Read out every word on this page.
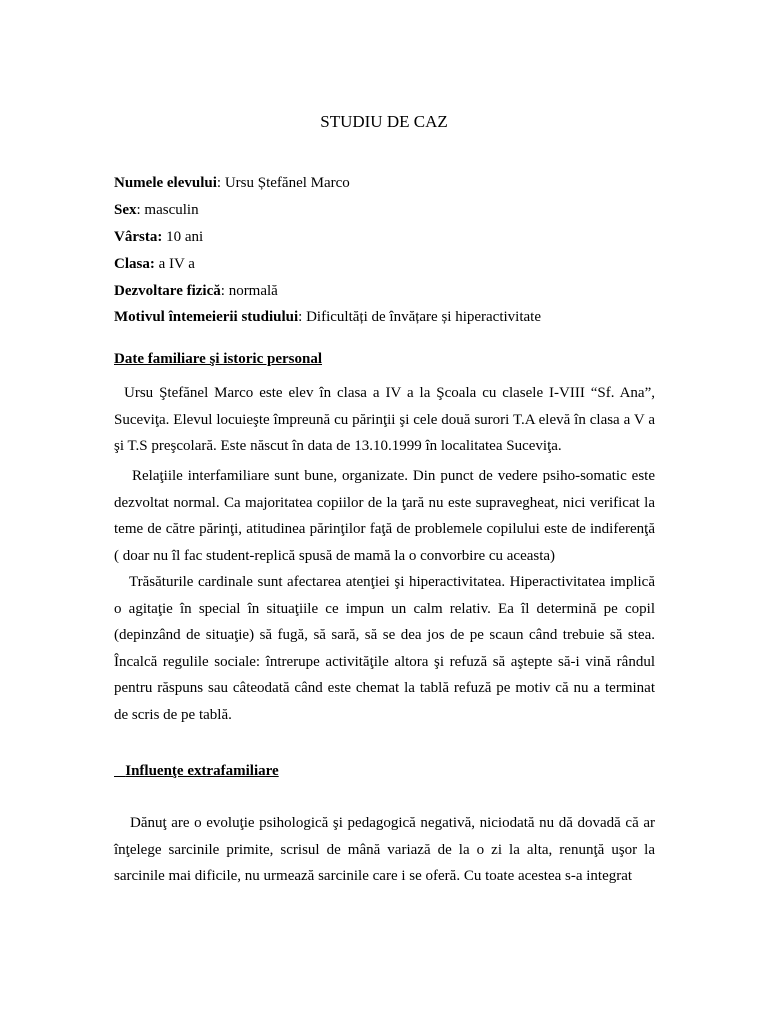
STUDIU DE CAZ
Numele elevului: Ursu Ștefănel Marco
Sex: masculin
Vârsta: 10 ani
Clasa: a IV a
Dezvoltare fizică: normală
Motivul întemeierii studiului: Dificultăți de învățare și hiperactivitate
Date familiare şi istoric personal
Ursu Ştefănel Marco este elev în clasa a IV a la Şcoala cu clasele I-VIII “Sf. Ana”, Suceviţa. Elevul locuieşte împreună cu părinţii şi cele două surori T.A elevă în clasa a V a şi T.S preşcolară. Este născut în data de 13.10.1999 în localitatea Suceviţa.
Relaţiile interfamiliare sunt bune, organizate. Din punct de vedere psiho-somatic este dezvoltat normal. Ca majoritatea copiilor de la ţară nu este supravegheat, nici verificat la teme de către părinţi, atitudinea părinţilor faţă de problemele copilului este de indiferenţă ( doar nu îl fac student-replică spusă de mamă la o convorbire cu aceasta)
Trăsăturile cardinale sunt afectarea atenţiei şi hiperactivitatea. Hiperactivitatea implică o agitaţie în special în situaţiile ce impun un calm relativ. Ea îl determină pe copil (depinzând de situaţie) să fugă, să sară, să se dea jos de pe scaun când trebuie să stea. Încalcă regulile sociale: întrerupe activităţile altora şi refuză să aştepte să-i vină rândul pentru răspuns sau câteodată când este chemat la tablă refuză pe motiv că nu a terminat de scris de pe tablă.
Influenţe extrafamiliare
Dănuţ are o evoluţie psihologică şi pedagogică negativă, niciodată nu dă dovadă că ar înţelege sarcinile primite, scrisul de mână variază de la o zi la alta, renunţă uşor la sarcinile mai dificile, nu urmează sarcinile care i se oferă. Cu toate acestea s-a integrat
